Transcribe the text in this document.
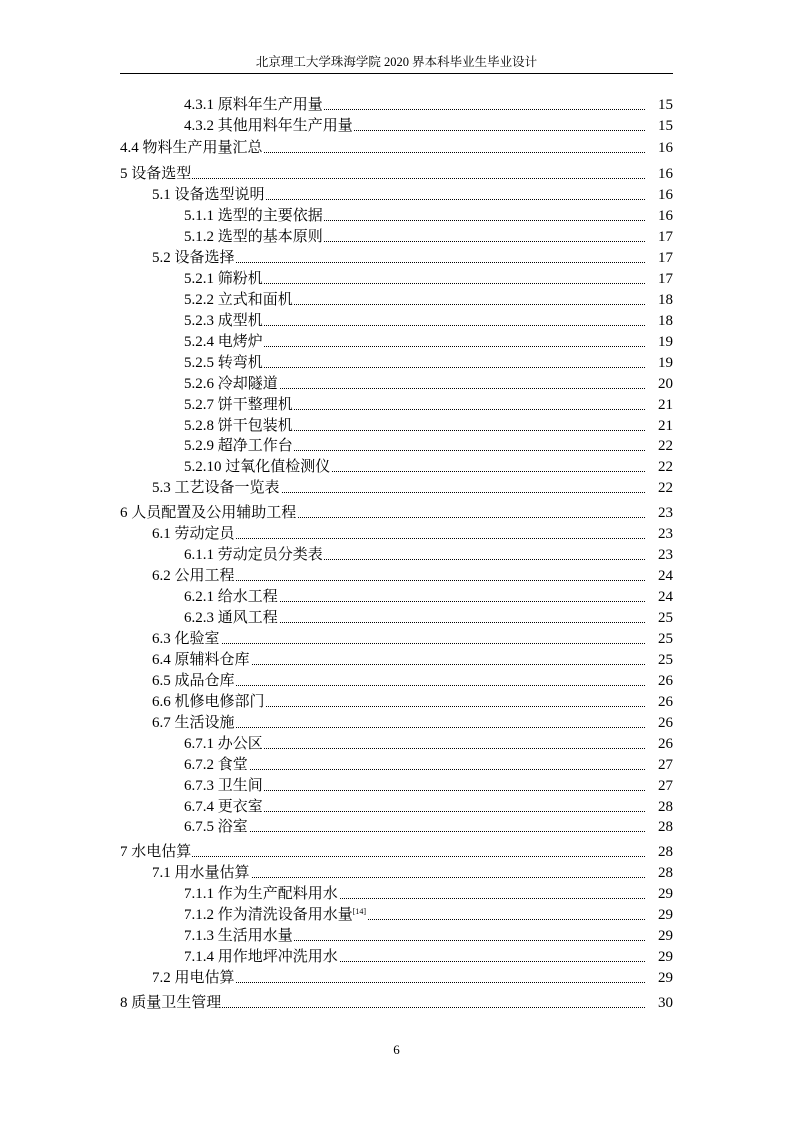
北京理工大学珠海学院 2020 界本科毕业生毕业设计
4.3.1 原料年生产用量	15
4.3.2 其他用料年生产用量	15
4.4 物料生产用量汇总	16
5 设备选型	16
5.1 设备选型说明	16
5.1.1 选型的主要依据	16
5.1.2 选型的基本原则	17
5.2 设备选择	17
5.2.1 筛粉机	17
5.2.2 立式和面机	18
5.2.3 成型机	18
5.2.4 电烤炉	19
5.2.5 转弯机	19
5.2.6 冷却隧道	20
5.2.7 饼干整理机	21
5.2.8 饼干包装机	21
5.2.9 超净工作台	22
5.2.10 过氧化值检测仪	22
5.3 工艺设备一览表	22
6 人员配置及公用辅助工程	23
6.1 劳动定员	23
6.1.1 劳动定员分类表	23
6.2 公用工程	24
6.2.1 给水工程	24
6.2.3 通风工程	25
6.3 化验室	25
6.4 原辅料仓库	25
6.5 成品仓库	26
6.6 机修电修部门	26
6.7 生活设施	26
6.7.1 办公区	26
6.7.2 食堂	27
6.7.3 卫生间	27
6.7.4 更衣室	28
6.7.5 浴室	28
7 水电估算	28
7.1 用水量估算	28
7.1.1 作为生产配料用水	29
7.1.2 作为清洗设备用水量[14]	29
7.1.3 生活用水量	29
7.1.4 用作地坪冲洗用水	29
7.2 用电估算	29
8 质量卫生管理	30
6
